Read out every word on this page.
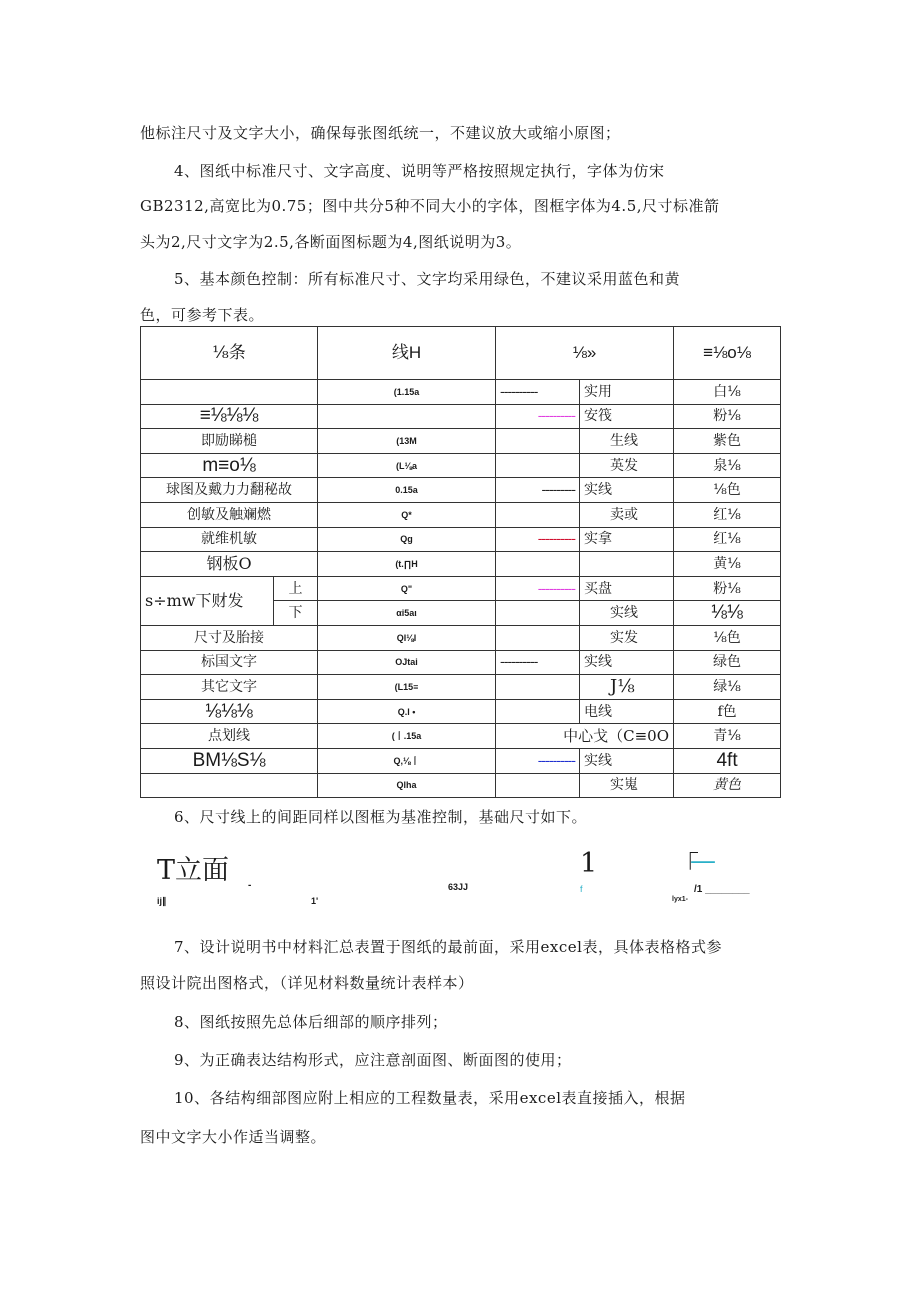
他标注尺寸及文字大小，确保每张图纸统一，不建议放大或缩小原图；
4、图纸中标准尺寸、文字高度、说明等严格按照规定执行，字体为仿宋
GB2312,高宽比为0.75；图中共分5种不同大小的字体，图框字体为4.5,尺寸标准箭
头为2,尺寸文字为2.5,各断面图标题为4,图纸说明为3。
5、基本颜色控制：所有标准尺寸、文字均采用绿色，不建议采用蓝色和黄
色，可参考下表。
⅛条		线H	⅛»		≡⅛o⅛
		(1.15a	----------	实用	白⅛
≡⅛⅛⅛			----------	安筏	粉⅛
即励睇槌		(13M		生线	紫色
m≡o⅛		(L⅛a		英发	泉⅛
球图及戴力力翻秘故		0.15a	---------	实线	⅛色
创敏及触斓燃		Q*		卖或	红⅛
就维机敏		Qg	----------	实拿	红⅛
钢板O		(t.∏H			黄⅛
s÷mw下财发	上	Q"	----------	买盘	粉⅛
	下	αi5aι		实线	⅛⅛
尺寸及胎接		Ql⅛l		实发	⅛色
标国文字		OJtai	----------	实线	绿色
其它文字		(L15≡		J⅛	绿⅛
⅛⅛⅛		Q.l •		电线	f色
点划线		(丨.15a	中心戈（C≡0O		青⅛
BM⅛S⅛		Q,⅛丨	----------	实线	4ft
		Qlha		实嵬	黄色
6、尺寸线上的间距同样以图框为基准控制，基础尺寸如下。
T立面	1	「
—
-	63JJ	f	/1 ________
ij∥	1'	lyx1-
7、设计说明书中材料汇总表置于图纸的最前面，采用excel表，具体表格格式参
照设计院出图格式，（详见材料数量统计表样本）
8、图纸按照先总体后细部的顺序排列；
9、为正确表达结构形式，应注意剖面图、断面图的使用；
10、各结构细部图应附上相应的工程数量表，采用excel表直接插入，根据
图中文字大小作适当调整。
